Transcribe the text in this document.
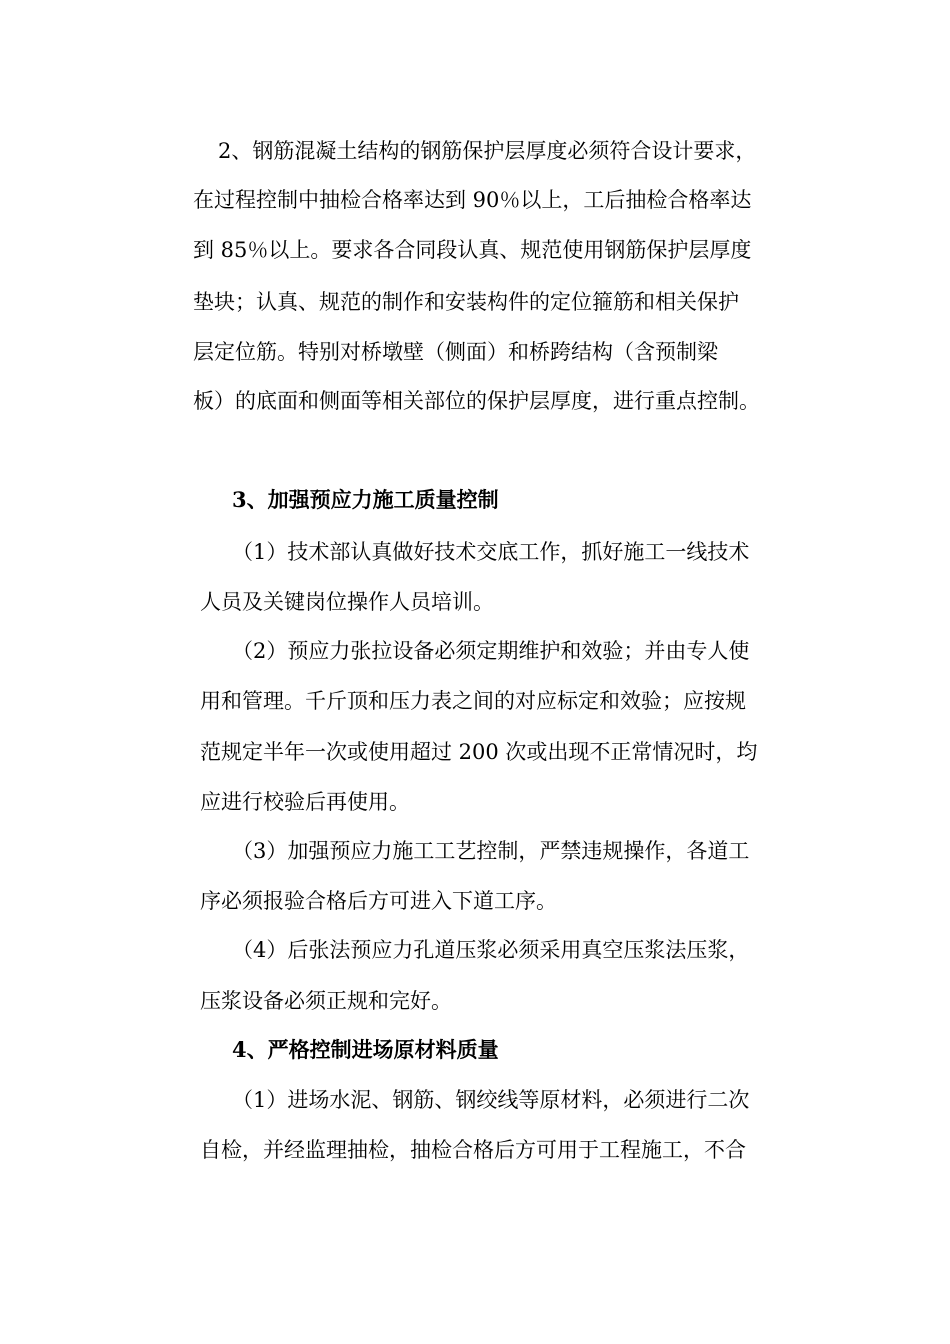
2、钢筋混凝土结构的钢筋保护层厚度必须符合设计要求，
在过程控制中抽检合格率达到 90％以上，工后抽检合格率达
到 85％以上。要求各合同段认真、规范使用钢筋保护层厚度
垫块；认真、规范的制作和安装构件的定位箍筋和相关保护
层定位筋。特别对桥墩壁（侧面）和桥跨结构（含预制梁
板）的底面和侧面等相关部位的保护层厚度，进行重点控制。
3、加强预应力施工质量控制
（1）技术部认真做好技术交底工作，抓好施工一线技术
人员及关键岗位操作人员培训。
（2）预应力张拉设备必须定期维护和效验；并由专人使
用和管理。千斤顶和压力表之间的对应标定和效验；应按规
范规定半年一次或使用超过 200 次或出现不正常情况时，均
应进行校验后再使用。
（3）加强预应力施工工艺控制，严禁违规操作，各道工
序必须报验合格后方可进入下道工序。
（4）后张法预应力孔道压浆必须采用真空压浆法压浆，
压浆设备必须正规和完好。
4、严格控制进场原材料质量
（1）进场水泥、钢筋、钢绞线等原材料，必须进行二次
自检，并经监理抽检，抽检合格后方可用于工程施工，不合
